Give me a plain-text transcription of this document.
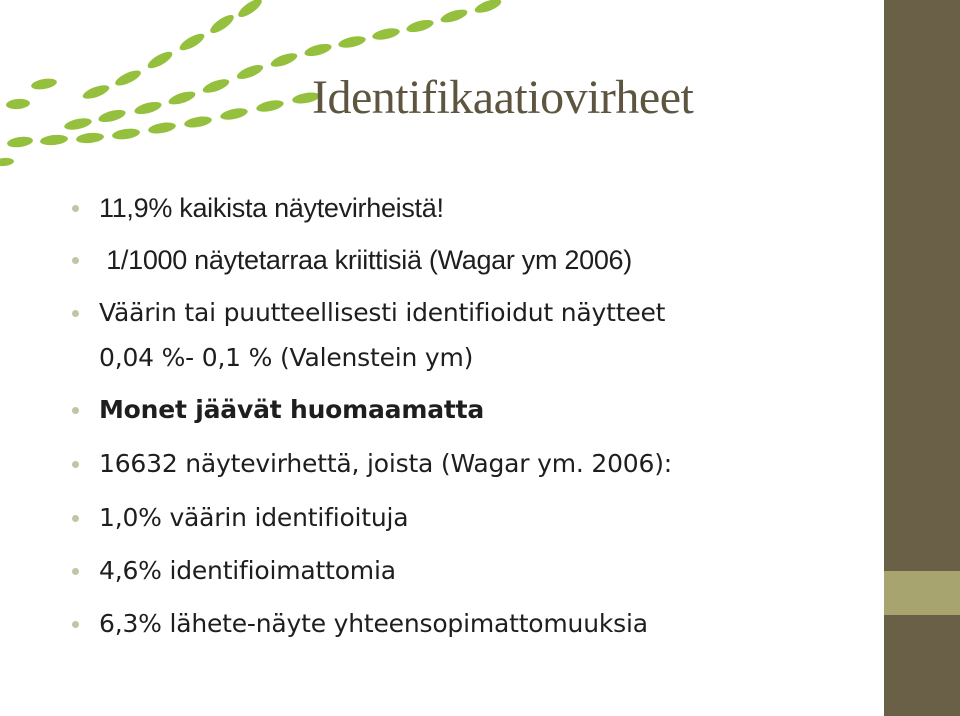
Identifikaatiovirheet
11,9% kaikista näytevirheistä!
1/1000 näytetarraa kriittisiä (Wagar ym 2006)
Väärin tai puutteellisesti identifioidut näytteet
0,04 %- 0,1 % (Valenstein ym)
Monet jäävät huomaamatta
16632 näytevirhettä, joista (Wagar ym. 2006):
1,0% väärin identifioituja
4,6% identifioimattomia
6,3% lähete-näyte yhteensopimattomuuksia
